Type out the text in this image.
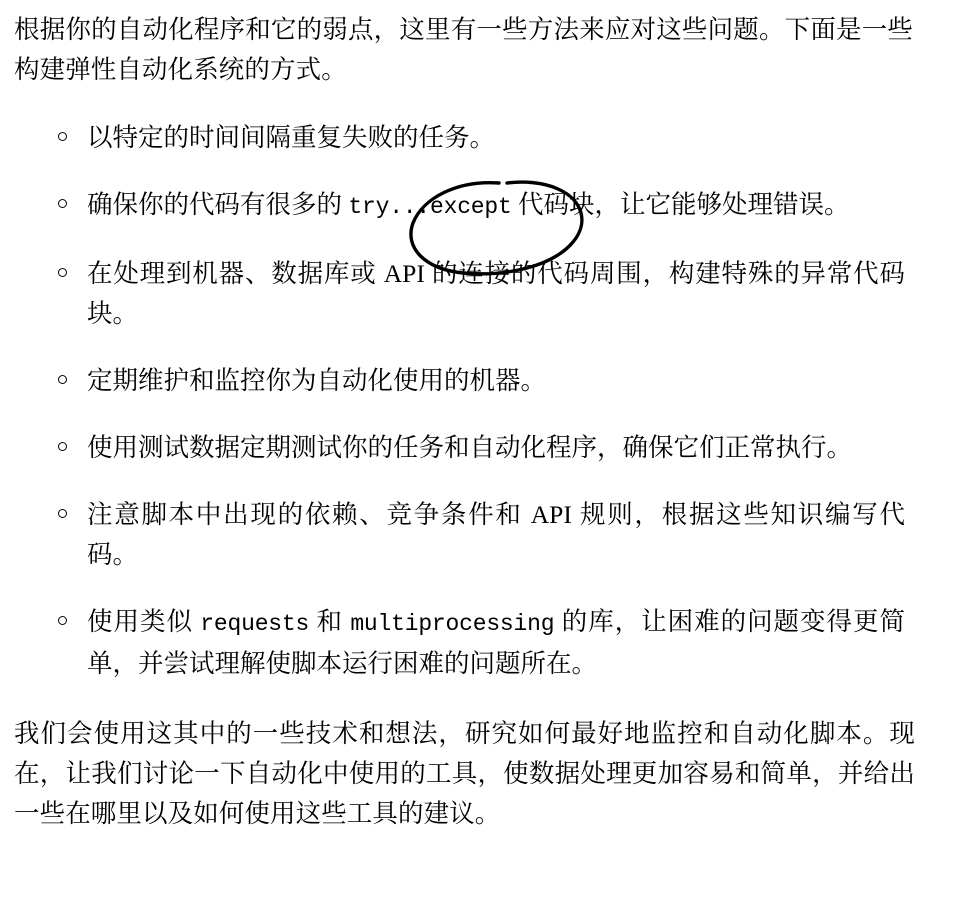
根据你的自动化程序和它的弱点，这里有一些方法来应对这些问题。下面是一些构建弹性自动化系统的方式。

以特定的时间间隔重复失败的任务。
确保你的代码有很多的 try...except 代码块，让它能够处理错误。
在处理到机器、数据库或 API 的连接的代码周围，构建特殊的异常代码块。
定期维护和监控你为自动化使用的机器。
使用测试数据定期测试你的任务和自动化程序，确保它们正常执行。
注意脚本中出现的依赖、竞争条件和 API 规则，根据这些知识编写代码。
使用类似 requests 和 multiprocessing 的库，让困难的问题变得更简单，并尝试理解使脚本运行困难的问题所在。

我们会使用这其中的一些技术和想法，研究如何最好地监控和自动化脚本。现在，让我们讨论一下自动化中使用的工具，使数据处理更加容易和简单，并给出一些在哪里以及如何使用这些工具的建议。
